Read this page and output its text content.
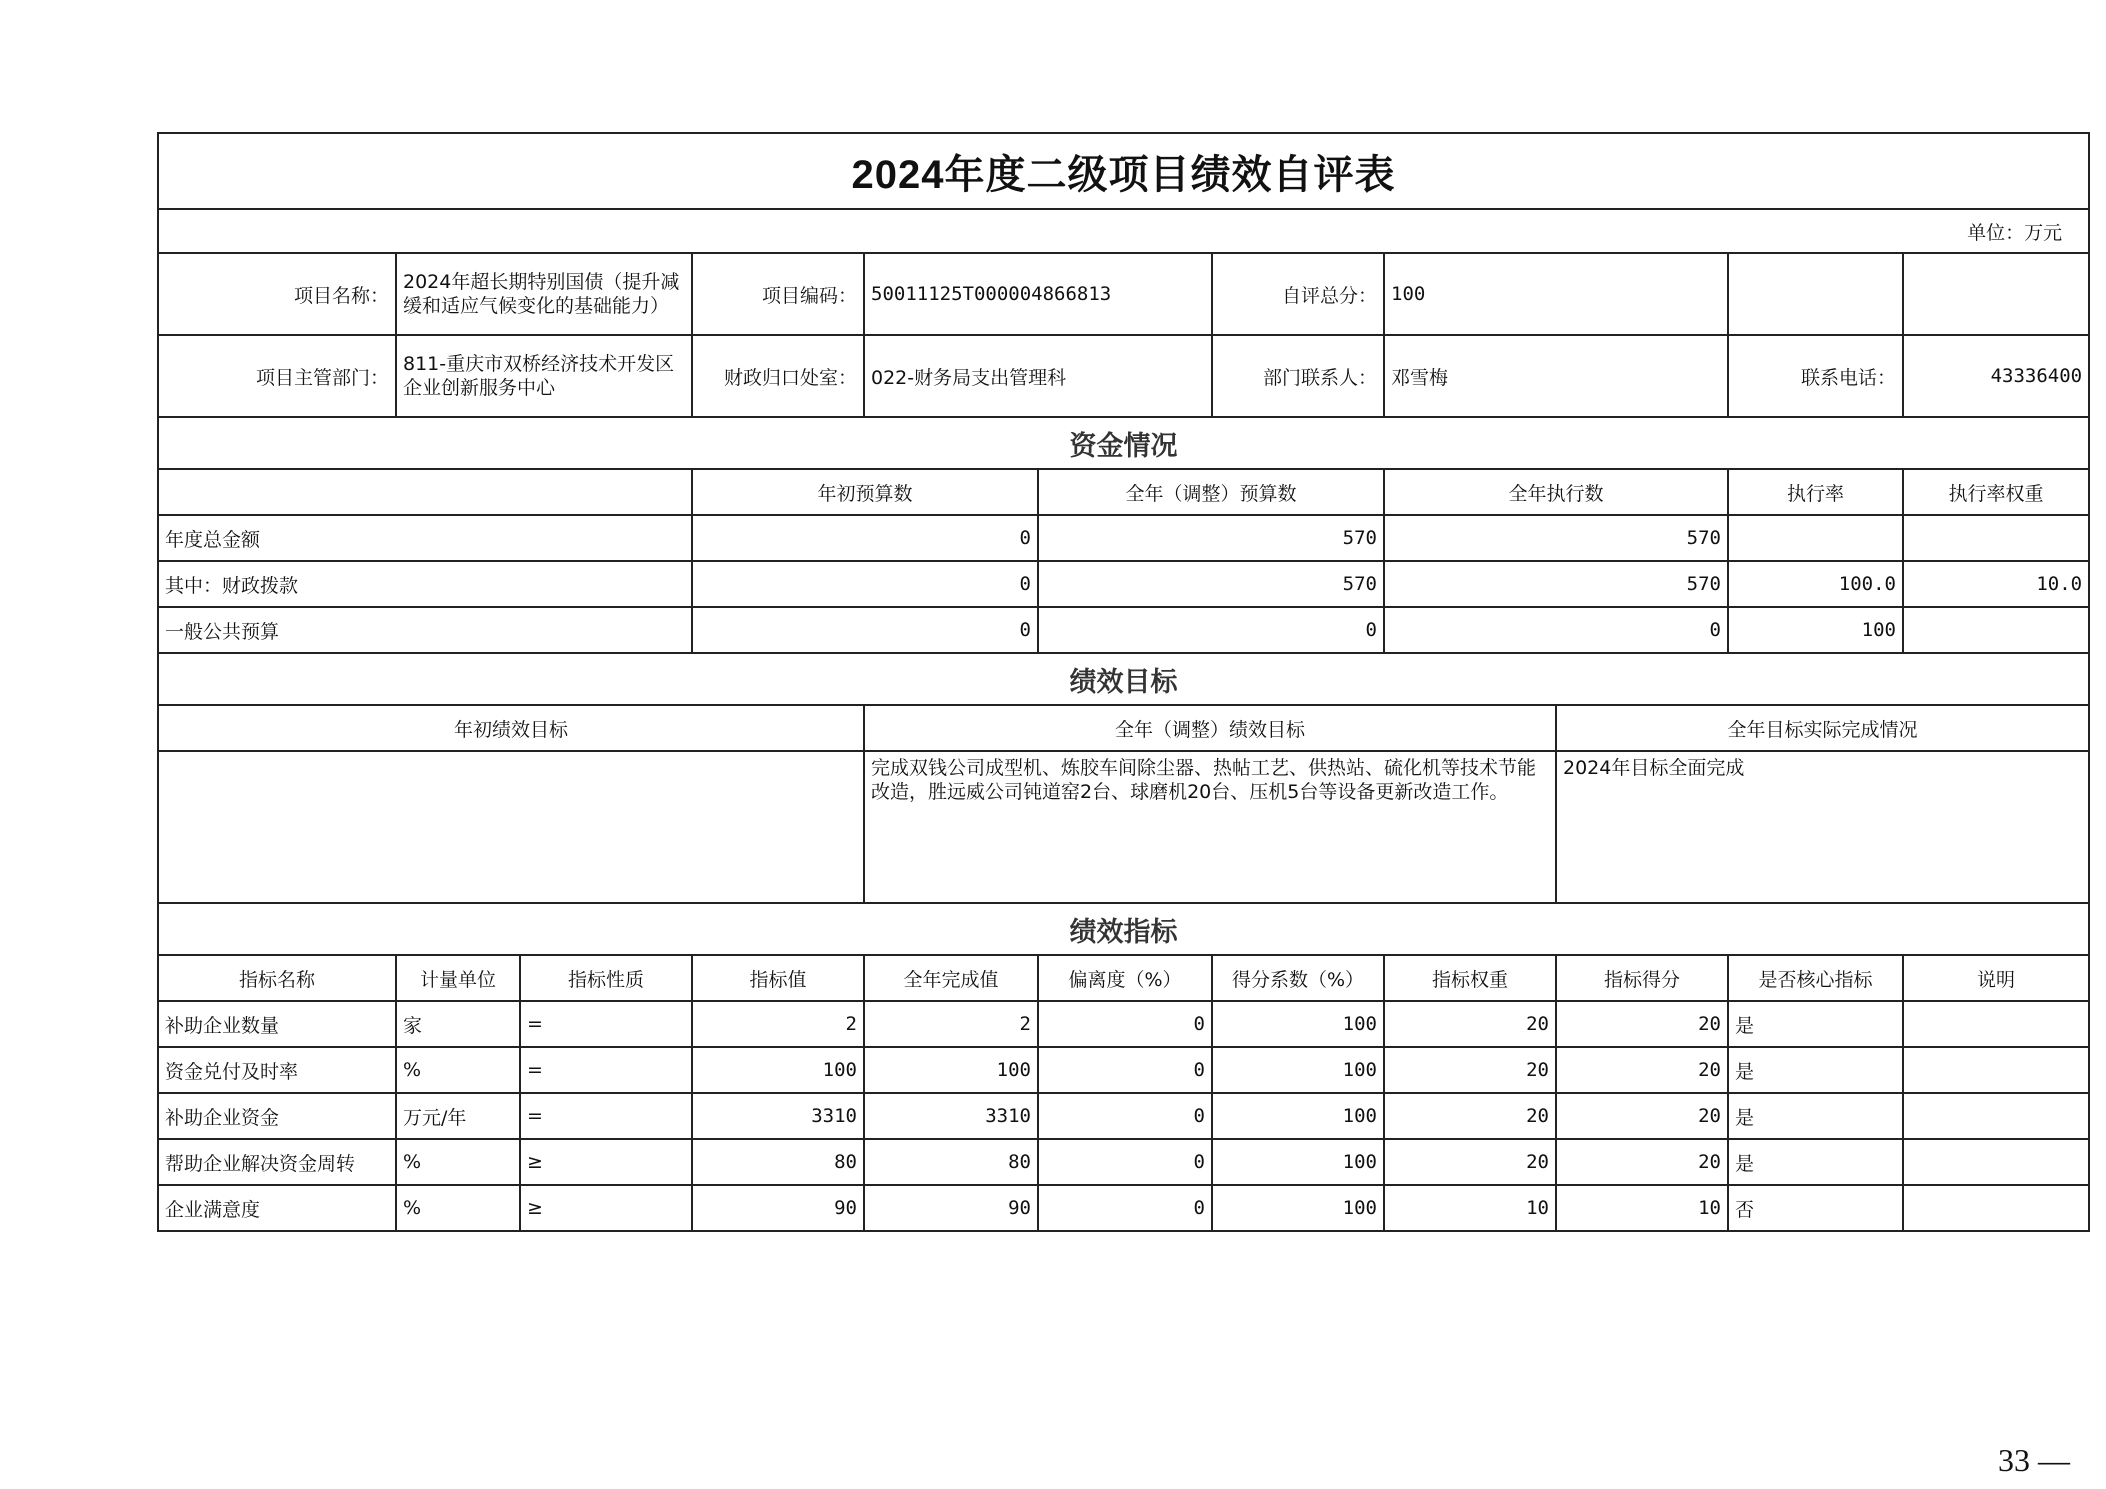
2024年度二级项目绩效自评表											
单位：万元											
项目名称：	2024年超长期特别国债（提升减缓和适应气候变化的基础能力）		项目编码：	50011125T000004866813		自评总分：	100				
项目主管部门：	811-重庆市双桥经济技术开发区企业创新服务中心		财政归口处室：	022-财务局支出管理科		部门联系人：	邓雪梅		联系电话：	43336400	
资金情况											
			年初预算数		全年（调整）预算数		全年执行数		执行率	执行率权重	
年度总金额			0		570		570				
其中：财政拨款			0		570		570		100.0	10.0	
一般公共预算			0		0		0		100		
绩效目标											
年初绩效目标				全年（调整）绩效目标				全年目标实际完成情况			
				完成双钱公司成型机、炼胶车间除尘器、热帖工艺、供热站、硫化机等技术节能改造，胜远威公司钝道窑2台、球磨机20台、压机5台等设备更新改造工作。				2024年目标全面完成			
绩效指标											
指标名称	计量单位	指标性质	指标值	全年完成值	偏离度（%）	得分系数（%）	指标权重	指标得分	是否核心指标	说明	
补助企业数量	家	=	2	2	0	100	20	20	是		
资金兑付及时率	%	=	100	100	0	100	20	20	是		
补助企业资金	万元/年	=	3310	3310	0	100	20	20	是		
帮助企业解决资金周转	%	≥	80	80	0	100	20	20	是		
企业满意度	%	≥	90	90	0	100	10	10	否		
33 —
